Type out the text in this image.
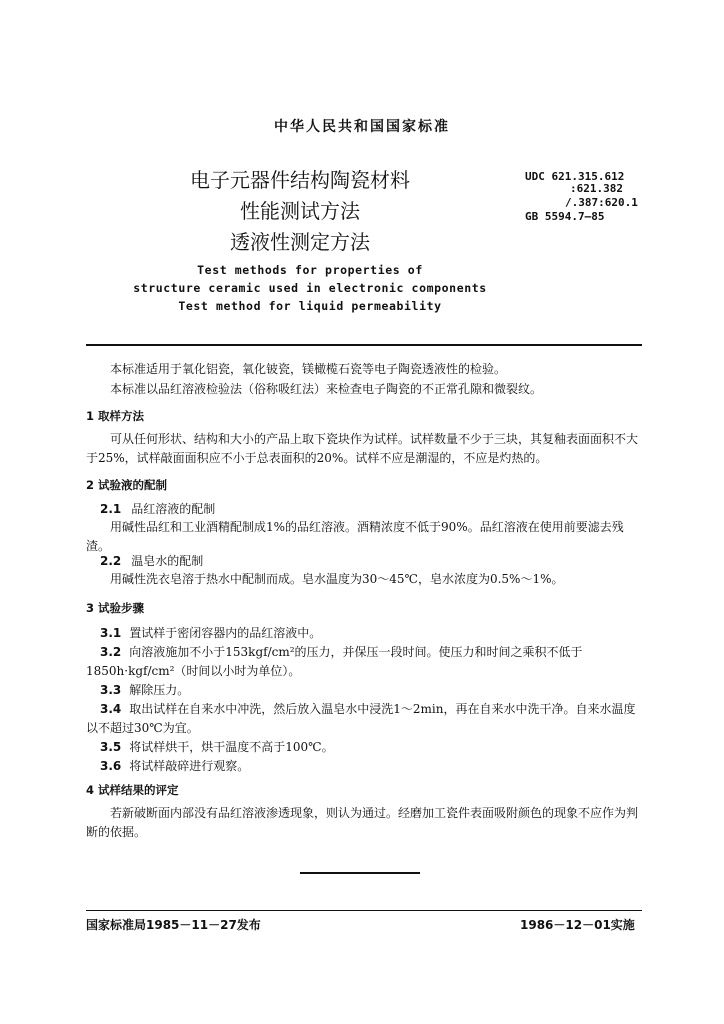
中华人民共和国国家标准
电子元器件结构陶瓷材料
性能测试方法
透液性测定方法
UDC 621.315.612
:621.382
/.387:620.1
GB 5594.7—85
Test methods for properties of
structure ceramic used in electronic components
Test method for liquid permeability
本标准适用于氧化铝瓷，氧化铍瓷，镁橄榄石瓷等电子陶瓷透液性的检验。
本标准以品红溶液检验法（俗称吸红法）来检查电子陶瓷的不正常孔隙和微裂纹。
1 取样方法
可从任何形状、结构和大小的产品上取下瓷块作为试样。试样数量不少于三块，其复釉表面面积不大于25%，试样敲面面积应不小于总表面积的20%。试样不应是潮湿的，不应是灼热的。
2 试验液的配制
2.1 品红溶液的配制
用碱性品红和工业酒精配制成1%的品红溶液。酒精浓度不低于90%。品红溶液在使用前要滤去残渣。
2.2 温皂水的配制
用碱性洗衣皂溶于热水中配制而成。皂水温度为30～45℃，皂水浓度为0.5%～1%。
3 试验步骤
3.1 置试样于密闭容器内的品红溶液中。
3.2 向溶液施加不小于153kgf/cm²的压力，并保压一段时间。使压力和时间之乘积不低于1850h·kgf/cm²（时间以小时为单位）。
3.3 解除压力。
3.4 取出试样在自来水中冲洗，然后放入温皂水中浸洗1～2min，再在自来水中洗干净。自来水温度以不超过30℃为宜。
3.5 将试样烘干，烘干温度不高于100℃。
3.6 将试样敲碎进行观察。
4 试样结果的评定
若新破断面内部没有品红溶液渗透现象，则认为通过。经磨加工瓷件表面吸附颜色的现象不应作为判断的依据。
国家标准局1985－11－27发布	1986－12－01实施
